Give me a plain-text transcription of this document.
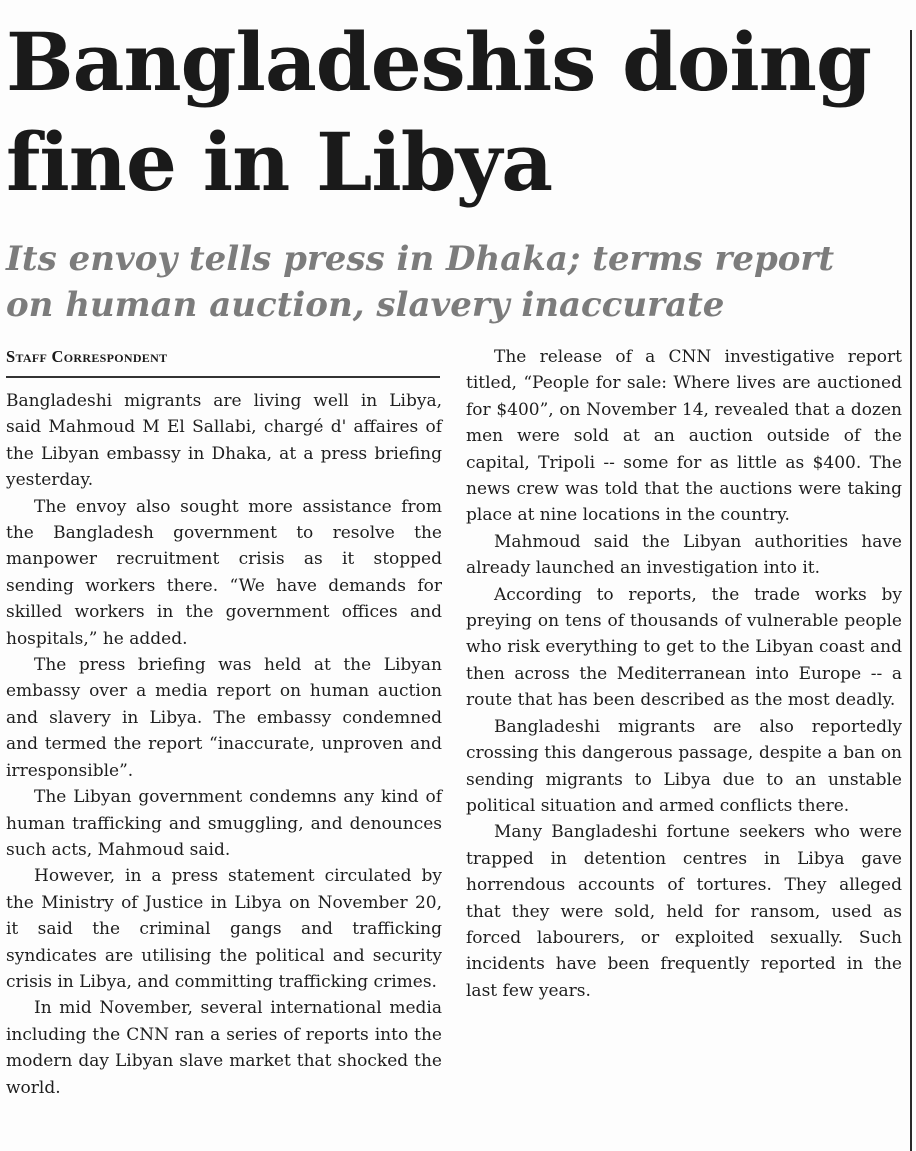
Bangladeshis doing
fine in Libya
Its envoy tells press in Dhaka; terms report
on human auction, slavery inaccurate
Staff Correspondent

Bangladeshi migrants are living well in Libya, said Mahmoud M El Sallabi, chargé d' affaires of the Libyan embassy in Dhaka, at a press briefing yesterday.

The envoy also sought more assistance from the Bangladesh government to resolve the manpower recruitment crisis as it stopped sending workers there. “We have demands for skilled workers in the government offices and hospitals,” he added.

The press briefing was held at the Libyan embassy over a media report on human auction and slavery in Libya. The embassy condemned and termed the report “inaccurate, unproven and irresponsible”.

The Libyan government condemns any kind of human trafficking and smuggling, and denounces such acts, Mahmoud said.

However, in a press statement circulated by the Ministry of Justice in Libya on November 20, it said the criminal gangs and trafficking syndicates are utilising the political and security crisis in Libya, and committing trafficking crimes.

In mid November, several international media including the CNN ran a series of reports into the modern day Libyan slave market that shocked the world.

The release of a CNN investigative report titled, “People for sale: Where lives are auctioned for $400”, on November 14, revealed that a dozen men were sold at an auction outside of the capital, Tripoli -- some for as little as $400. The news crew was told that the auctions were taking place at nine locations in the country.

Mahmoud said the Libyan authorities have already launched an investigation into it.

According to reports, the trade works by preying on tens of thousands of vulnerable people who risk everything to get to the Libyan coast and then across the Mediterranean into Europe -- a route that has been described as the most deadly.

Bangladeshi migrants are also reportedly crossing this dangerous passage, despite a ban on sending migrants to Libya due to an unstable political situation and armed conflicts there.

Many Bangladeshi fortune seekers who were trapped in detention centres in Libya gave horrendous accounts of tortures. They alleged that they were sold, held for ransom, used as forced labourers, or exploited sexually. Such incidents have been frequently reported in the last few years.
